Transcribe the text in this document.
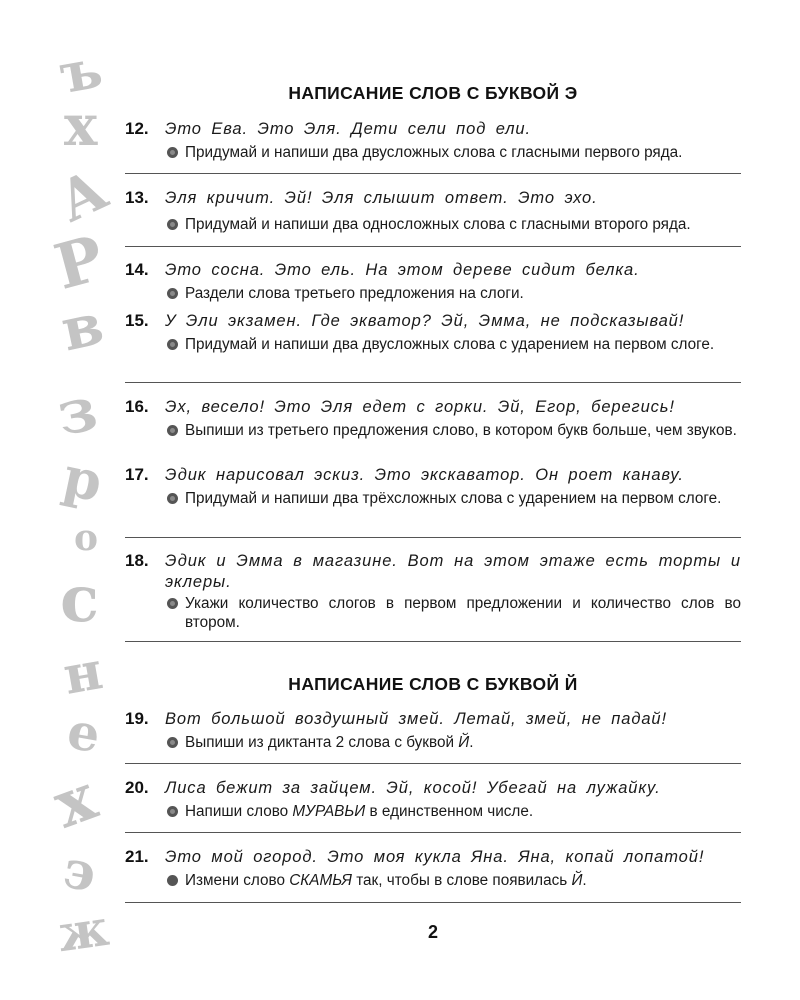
ъ
х
А
Р
в
з
р
о
с
н
е
х
э
ж
НАПИСАНИЕ СЛОВ С БУКВОЙ Э
12. Это Ева. Это Эля. Дети сели под ели.
Придумай и напиши два двусложных слова с гласными первого ряда.
13. Эля кричит. Эй! Эля слышит ответ. Это эхо.
Придумай и напиши два односложных слова с гласными второго ряда.
14. Это сосна. Это ель. На этом дереве сидит белка.
Раздели слова третьего предложения на слоги.
15. У Эли экзамен. Где экватор? Эй, Эмма, не подсказывай!
Придумай и напиши два двусложных слова с ударением на первом слоге.
16. Эх, весело! Это Эля едет с горки. Эй, Егор, берегись!
Выпиши из третьего предложения слово, в котором букв больше, чем звуков.
17. Эдик нарисовал эскиз. Это экскаватор. Он роет канаву.
Придумай и напиши два трёхсложных слова с ударением на первом слоге.
18. Эдик и Эмма в магазине. Вот на этом этаже есть торты и эклеры.
Укажи количество слогов в первом предложении и количество слов во втором.
НАПИСАНИЕ СЛОВ С БУКВОЙ Й
19. Вот большой воздушный змей. Летай, змей, не падай!
Выпиши из диктанта 2 слова с буквой Й.
20. Лиса бежит за зайцем. Эй, косой! Убегай на лужайку.
Напиши слово МУРАВЬИ в единственном числе.
21. Это мой огород. Это моя кукла Яна. Яна, копай лопатой!
Измени слово СКАМЬЯ так, чтобы в слове появилась Й.
2
